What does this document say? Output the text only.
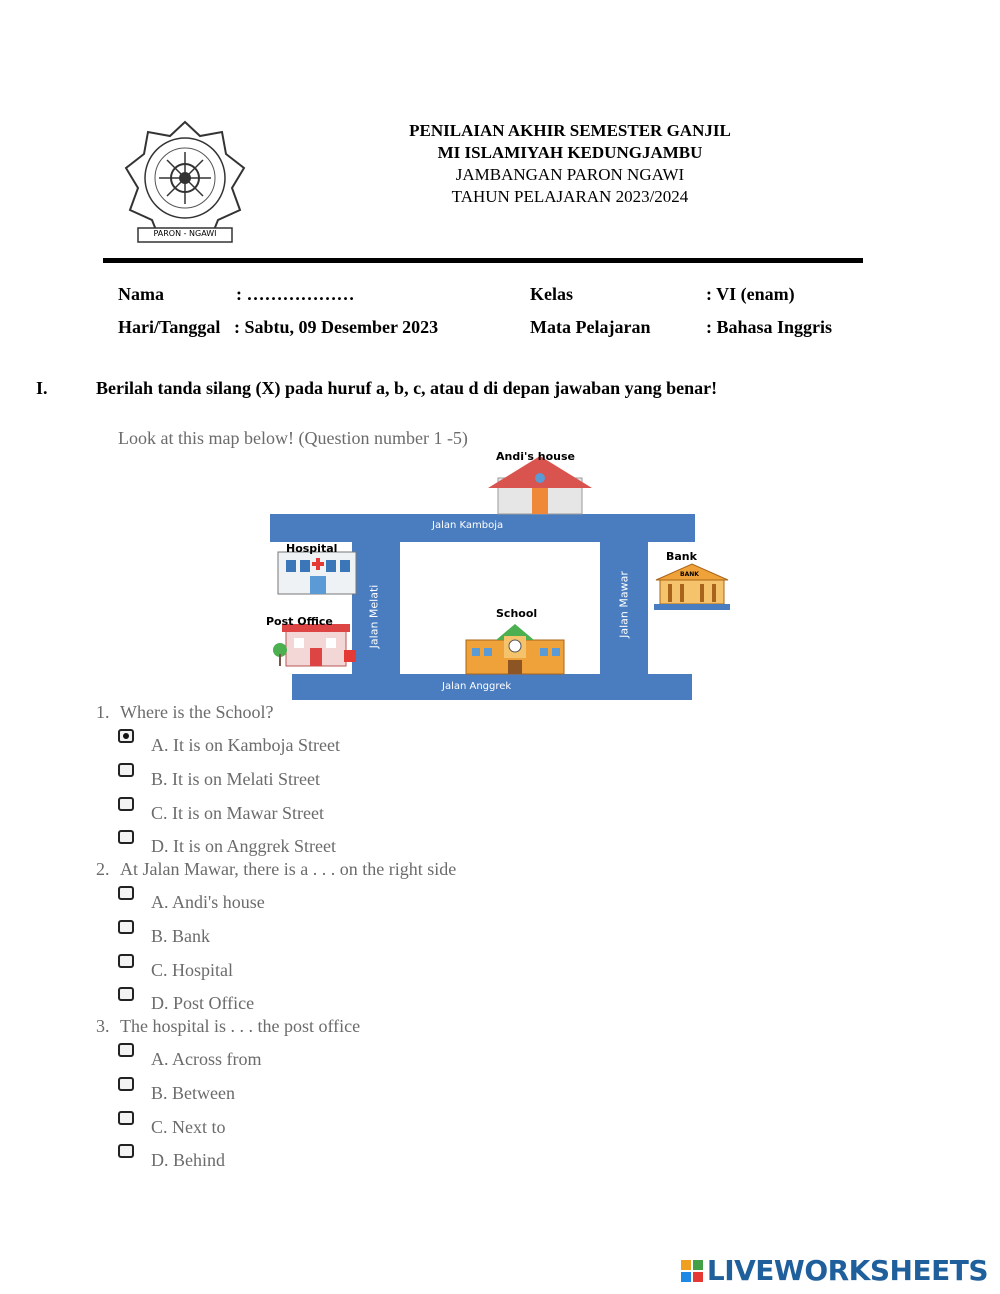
PARON - NGAWI
PENILAIAN AKHIR SEMESTER GANJIL
MI ISLAMIYAH KEDUNGJAMBU
JAMBANGAN PARON NGAWI
TAHUN PELAJARAN 2023/2024
Nama	: ………………	Kelas	: VI (enam)
Hari/Tanggal : Sabtu, 09 Desember 2023	Mata Pelajaran	: Bahasa Inggris
I.	Berilah tanda silang (X) pada huruf a, b, c, atau d di depan jawaban yang benar!
Look at this map below! (Question number 1 -5)
Andi's house
Hospital
Post Office
School
Bank
BANK
Jalan Kamboja
Jalan Anggrek
Jalan Melati	Jalan Mawar
1. Where is the School?
A. It is on Kamboja Street
B. It is on Melati Street
C. It is on Mawar Street
D. It is on Anggrek Street
2. At Jalan Mawar, there is a . . . on the right side
A. Andi's house
B. Bank
C. Hospital
D. Post Office
3. The hospital is . . . the post office
A. Across from
B. Between
C. Next to
D. Behind
LIVEWORKSHEETS
